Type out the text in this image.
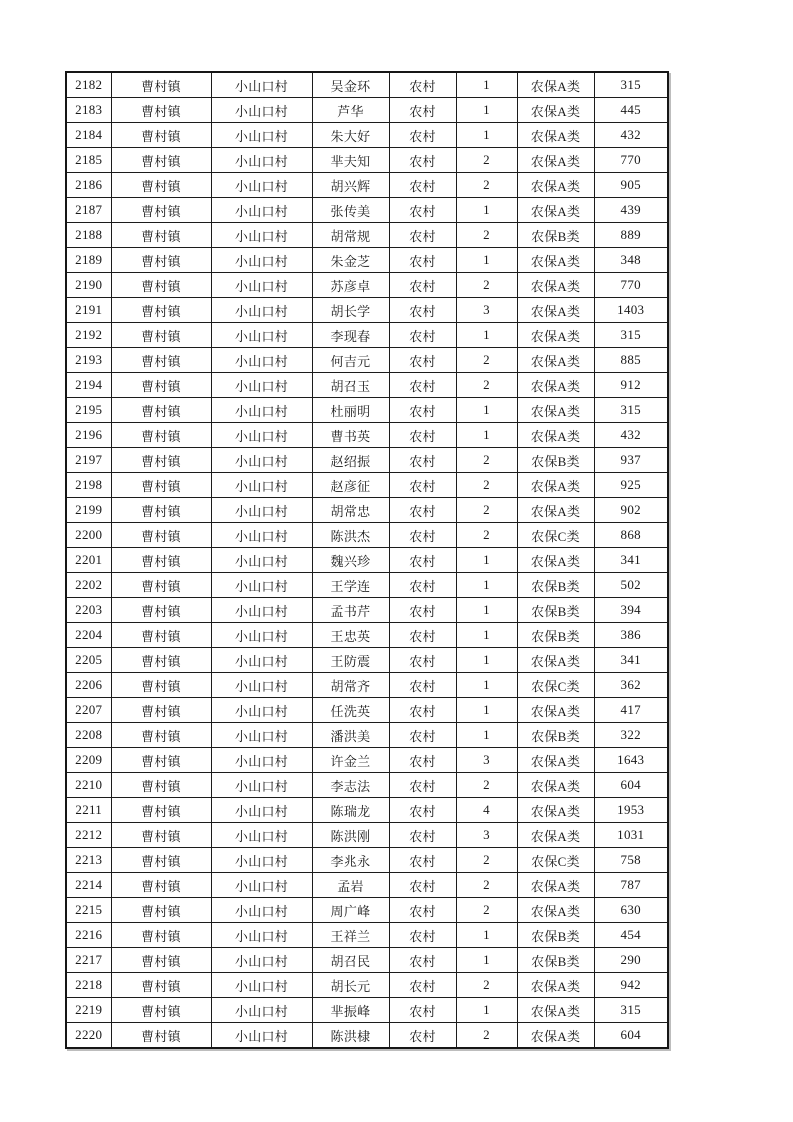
2182	曹村镇	小山口村	吴金环	农村	1	农保A类	315
2183	曹村镇	小山口村	芦华	农村	1	农保A类	445
2184	曹村镇	小山口村	朱大好	农村	1	农保A类	432
2185	曹村镇	小山口村	芈夫知	农村	2	农保A类	770
2186	曹村镇	小山口村	胡兴辉	农村	2	农保A类	905
2187	曹村镇	小山口村	张传美	农村	1	农保A类	439
2188	曹村镇	小山口村	胡常规	农村	2	农保B类	889
2189	曹村镇	小山口村	朱金芝	农村	1	农保A类	348
2190	曹村镇	小山口村	苏彦卓	农村	2	农保A类	770
2191	曹村镇	小山口村	胡长学	农村	3	农保A类	1403
2192	曹村镇	小山口村	李现春	农村	1	农保A类	315
2193	曹村镇	小山口村	何吉元	农村	2	农保A类	885
2194	曹村镇	小山口村	胡召玉	农村	2	农保A类	912
2195	曹村镇	小山口村	杜丽明	农村	1	农保A类	315
2196	曹村镇	小山口村	曹书英	农村	1	农保A类	432
2197	曹村镇	小山口村	赵绍振	农村	2	农保B类	937
2198	曹村镇	小山口村	赵彦征	农村	2	农保A类	925
2199	曹村镇	小山口村	胡常忠	农村	2	农保A类	902
2200	曹村镇	小山口村	陈洪杰	农村	2	农保C类	868
2201	曹村镇	小山口村	魏兴珍	农村	1	农保A类	341
2202	曹村镇	小山口村	王学连	农村	1	农保B类	502
2203	曹村镇	小山口村	孟书芹	农村	1	农保B类	394
2204	曹村镇	小山口村	王忠英	农村	1	农保B类	386
2205	曹村镇	小山口村	王防震	农村	1	农保A类	341
2206	曹村镇	小山口村	胡常齐	农村	1	农保C类	362
2207	曹村镇	小山口村	任洗英	农村	1	农保A类	417
2208	曹村镇	小山口村	潘洪美	农村	1	农保B类	322
2209	曹村镇	小山口村	许金兰	农村	3	农保A类	1643
2210	曹村镇	小山口村	李志法	农村	2	农保A类	604
2211	曹村镇	小山口村	陈瑞龙	农村	4	农保A类	1953
2212	曹村镇	小山口村	陈洪刚	农村	3	农保A类	1031
2213	曹村镇	小山口村	李兆永	农村	2	农保C类	758
2214	曹村镇	小山口村	孟岩	农村	2	农保A类	787
2215	曹村镇	小山口村	周广峰	农村	2	农保A类	630
2216	曹村镇	小山口村	王祥兰	农村	1	农保B类	454
2217	曹村镇	小山口村	胡召民	农村	1	农保B类	290
2218	曹村镇	小山口村	胡长元	农村	2	农保A类	942
2219	曹村镇	小山口村	芈振峰	农村	1	农保A类	315
2220	曹村镇	小山口村	陈洪棣	农村	2	农保A类	604
